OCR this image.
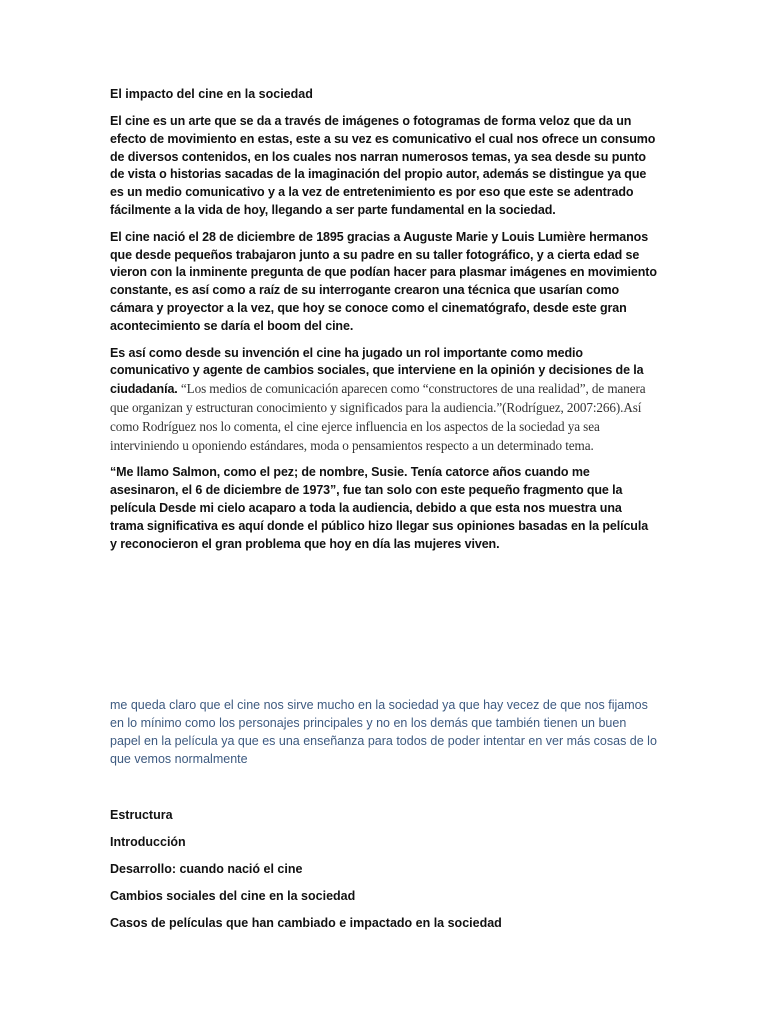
El impacto del cine en la sociedad

El cine es un arte que se da a través de imágenes o fotogramas de forma veloz que da un efecto de movimiento en estas, este a su vez es comunicativo el cual nos ofrece un consumo de diversos contenidos, en los cuales nos narran numerosos temas, ya sea desde su punto de vista o historias sacadas de la imaginación del propio autor, además se distingue ya que es un medio comunicativo y a la vez de entretenimiento es por eso que este se adentrado fácilmente a la vida de hoy, llegando a ser parte fundamental en la sociedad.

El cine nació el 28 de diciembre de 1895 gracias a Auguste Marie y Louis Lumière hermanos que desde pequeños trabajaron junto a su padre en su taller fotográfico, y a cierta edad se vieron con la inminente pregunta de que podían hacer para plasmar imágenes en movimiento constante, es así como a raíz de su interrogante crearon una técnica que usarían como cámara y proyector a la vez, que hoy se conoce como el cinematógrafo, desde este gran acontecimiento se daría el boom del cine.

Es así como desde su invención el cine ha jugado un rol importante como medio comunicativo y agente de cambios sociales, que interviene en la opinión y decisiones de la ciudadanía. “Los medios de comunicación aparecen como “constructores de una realidad”, de manera que organizan y estructuran conocimiento y significados para la audiencia.”(Rodríguez, 2007:266).Así como Rodríguez nos lo comenta, el cine ejerce influencia en los aspectos de la sociedad ya sea interviniendo u oponiendo estándares, moda o pensamientos respecto a un determinado tema.

“Me llamo Salmon, como el pez; de nombre, Susie. Tenía catorce años cuando me asesinaron, el 6 de diciembre de 1973”, fue tan solo con este pequeño fragmento que la película Desde mi cielo acaparo a toda la audiencia, debido a que esta nos muestra una trama significativa es aquí donde el público hizo llegar sus opiniones basadas en la película y reconocieron el gran problema que hoy en día las mujeres viven.

me queda claro que el cine nos sirve mucho en la sociedad ya que hay vecez de que nos fijamos en lo mínimo como los personajes principales y no en los demás que también tienen un buen papel en la película ya que es una enseñanza para todos de poder intentar en ver más cosas de lo que vemos normalmente

Estructura

Introducción

Desarrollo: cuando nació el cine

Cambios sociales del cine en la sociedad

Casos de películas que han cambiado e impactado en la sociedad
